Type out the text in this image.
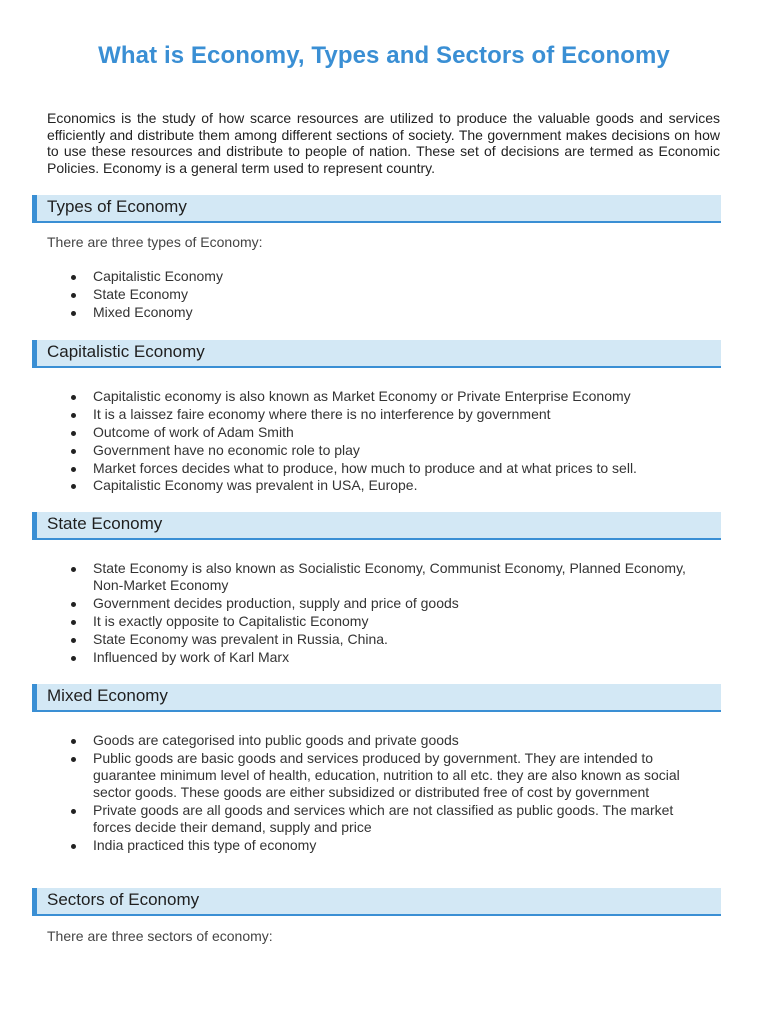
What is Economy, Types and Sectors of Economy

Economics is the study of how scarce resources are utilized to produce the valuable goods and services efficiently and distribute them among different sections of society. The government makes decisions on how to use these resources and distribute to people of nation. These set of decisions are termed as Economic Policies. Economy is a general term used to represent country.

Types of Economy

There are three types of Economy:

Capitalistic Economy
State Economy
Mixed Economy
Capitalistic Economy
Capitalistic economy is also known as Market Economy or Private Enterprise Economy
It is a laissez faire economy where there is no interference by government
Outcome of work of Adam Smith
Government have no economic role to play
Market forces decides what to produce, how much to produce and at what prices to sell.
Capitalistic Economy was prevalent in USA, Europe.
State Economy
State Economy is also known as Socialistic Economy, Communist Economy, Planned Economy, Non-Market Economy
Government decides production, supply and price of goods
It is exactly opposite to Capitalistic Economy
State Economy was prevalent in Russia, China.
Influenced by work of Karl Marx
Mixed Economy
Goods are categorised into public goods and private goods
Public goods are basic goods and services produced by government. They are intended to guarantee minimum level of health, education, nutrition to all etc. they are also known as social sector goods. These goods are either subsidized or distributed free of cost by government
Private goods are all goods and services which are not classified as public goods. The market forces decide their demand, supply and price
India practiced this type of economy
Sectors of Economy

There are three sectors of economy:
